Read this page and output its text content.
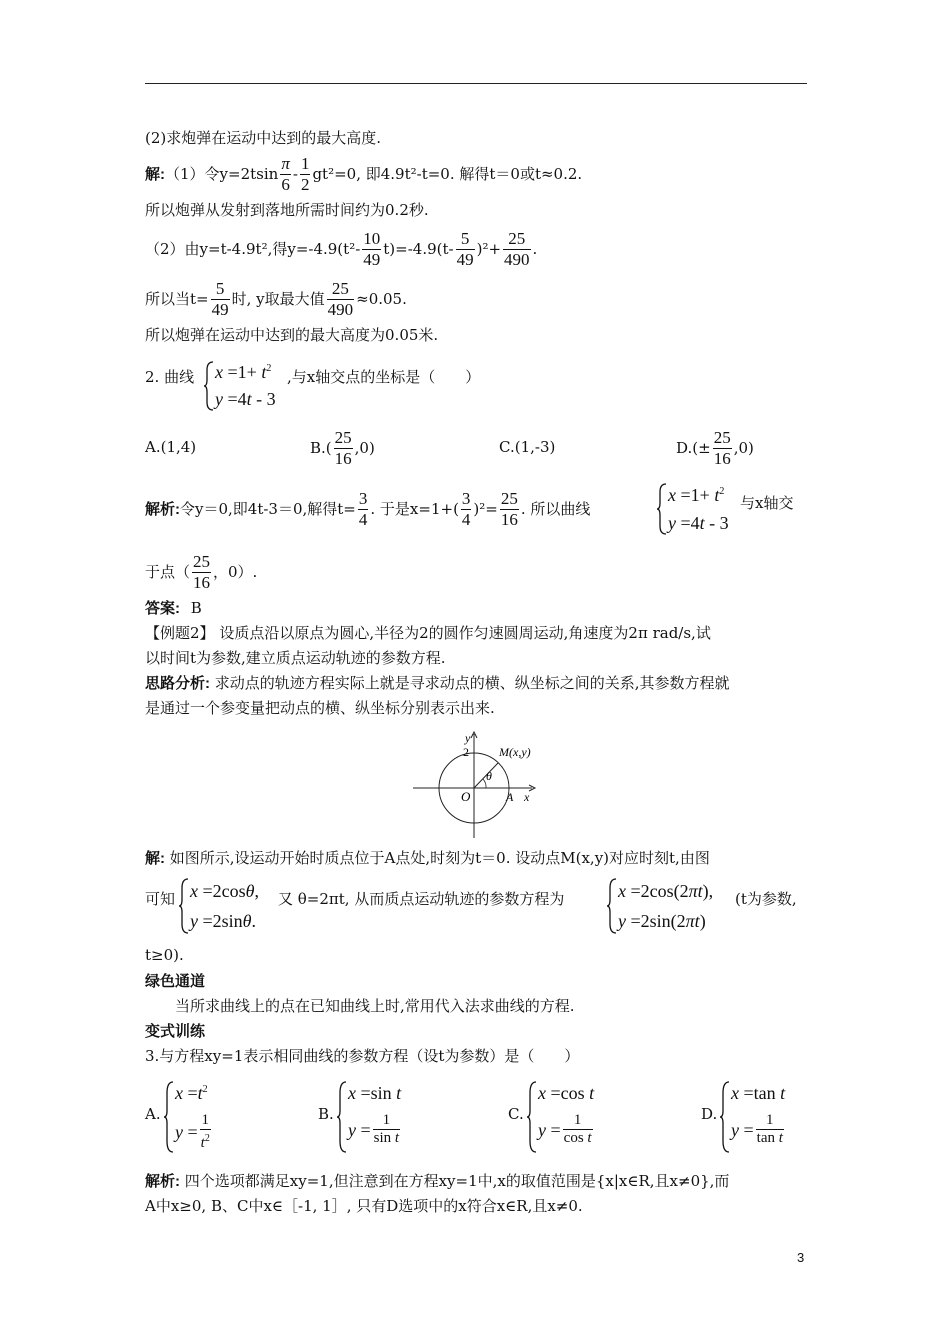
(2)求炮弹在运动中达到的最大高度.
解: （1）令$y=2tsin \frac{\pi}{6} - \frac{1}{2} gt^2=0$, 即4.9t²-t=0. 解得t＝0或t≈0.2.
所以炮弹从发射到落地所需时间约为0.2秒.
（2）由y=t-4.9t²,得$y=-4.9(t^2- \frac{10}{49} t)=-4.9(t- \frac{5}{49} )^2+ \frac{25}{490}$ .
所以当$t= \frac{5}{49}$ 时, y取最大值 $\frac{25}{490} \approx 0.05$.
所以炮弹在运动中达到的最大高度为0.05米.
2. 曲线 $x =1+ t^2$
y =4t - 3
,与x轴交点的坐标是（　　）
A.(1,4)	$B.( \frac{25}{16} ,0)$	C.(1,-3)	$D.(\pm \frac{25}{16} ,0)$
解析: 令y＝0,即4t-3＝0,解得$t= \frac{3}{4}$ . 于是$x=1+( \frac{3}{4} )^2= \frac{25}{16}$ . 所以曲线
$x =1+ t^2$
y =4t - 3
与x轴交
于点（ $\frac{25}{16}$ ，0）.
答案: B
【例题2】 设质点沿以原点为圆心,半径为2的圆作匀速圆周运动,角速度为2π rad/s,试
以时间t为参数,建立质点运动轨迹的参数方程.
思路分析: 求动点的轨迹方程实际上就是寻求动点的横、纵坐标之间的关系,其参数方程就
是通过一个参变量把动点的横、纵坐标分别表示出来.
y
2	M(x,y)
θ
O	A x
解: 如图所示,设运动开始时质点位于A点处,时刻为t＝0. 设动点M(x,y)对应时刻t,由图
可知 x =2cosθ,
y =2sinθ.
又 θ=2πt, 从而质点运动轨迹的参数方程为	x =2cos(2πt),
y =2sin(2πt)
(t为参数,
t≥0).
绿色通道
当所求曲线上的点在已知曲线上时,常用代入法求曲线的方程.
变式训练
3.与方程xy=1表示相同曲线的参数方程（设t为参数）是（　　）
A.
$x =t^2$
$y = \frac{1}{t^2}$	B.
x =sin t
$y = \frac{1}{\text{sin t}}$	C.
x =cos t
$y = \frac{1}{\text{cos t}}$	D.
x =tan t
$y = \frac{1}{\text{tan t}}$
解析: 四个选项都满足xy=1,但注意到在方程xy=1中,x的取值范围是{x|x∈R,且x≠0},而
A中x≥0, B、C中x∈［-1, 1］, 只有D选项中的x符合x∈R,且x≠0.
3
